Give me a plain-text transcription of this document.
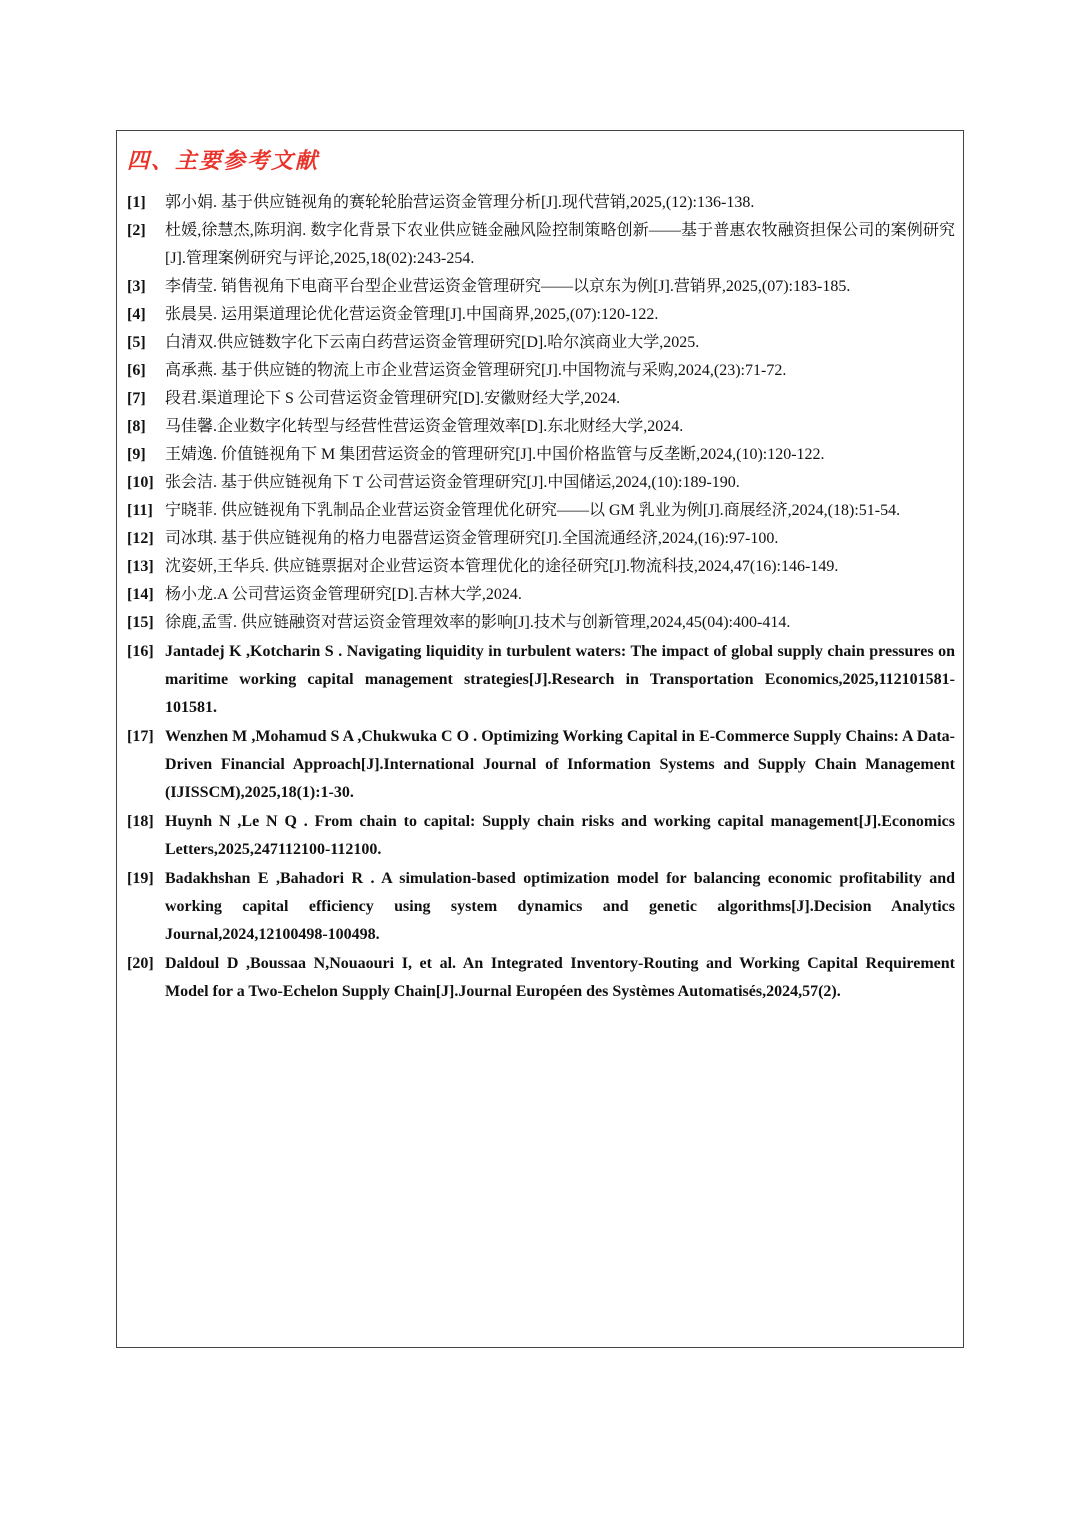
四、主要参考文献
[1]	郭小娟. 基于供应链视角的赛轮轮胎营运资金管理分析[J].现代营销,2025,(12):136-138.
[2]	杜媛,徐慧杰,陈玥润. 数字化背景下农业供应链金融风险控制策略创新——基于普惠农牧融资担保公司的案例研究[J].管理案例研究与评论,2025,18(02):243-254.
[3]	李倩莹. 销售视角下电商平台型企业营运资金管理研究——以京东为例[J].营销界,2025,(07):183-185.
[4]	张晨昊. 运用渠道理论优化营运资金管理[J].中国商界,2025,(07):120-122.
[5]	白清双.供应链数字化下云南白药营运资金管理研究[D].哈尔滨商业大学,2025.
[6]	高承燕. 基于供应链的物流上市企业营运资金管理研究[J].中国物流与采购,2024,(23):71-72.
[7]	段君.渠道理论下 S 公司营运资金管理研究[D].安徽财经大学,2024.
[8]	马佳馨.企业数字化转型与经营性营运资金管理效率[D].东北财经大学,2024.
[9]	王婧逸. 价值链视角下 M 集团营运资金的管理研究[J].中国价格监管与反垄断,2024,(10):120-122.
[10] 张会洁. 基于供应链视角下 T 公司营运资金管理研究[J].中国储运,2024,(10):189-190.
[11] 宁晓菲. 供应链视角下乳制品企业营运资金管理优化研究——以 GM 乳业为例[J].商展经济,2024,(18):51-54.
[12] 司冰琪. 基于供应链视角的格力电器营运资金管理研究[J].全国流通经济,2024,(16):97-100.
[13] 沈姿妍,王华兵. 供应链票据对企业营运资本管理优化的途径研究[J].物流科技,2024,47(16):146-149.
[14] 杨小龙.A 公司营运资金管理研究[D].吉林大学,2024.
[15] 徐鹿,孟雪. 供应链融资对营运资金管理效率的影响[J].技术与创新管理,2024,45(04):400-414.
[16] Jantadej K ,Kotcharin S . Navigating liquidity in turbulent waters: The impact of global supply chain pressures on maritime working capital management strategies[J].Research in Transportation Economics,2025,112101581-101581.
[17] Wenzhen M ,Mohamud S A ,Chukwuka C O . Optimizing Working Capital in E-Commerce Supply Chains: A Data-Driven Financial Approach[J].International Journal of Information Systems and Supply Chain Management (IJISSCM),2025,18(1):1-30.
[18] Huynh N ,Le N Q . From chain to capital: Supply chain risks and working capital management[J].Economics Letters,2025,247112100-112100.
[19] Badakhshan E ,Bahadori R . A simulation-based optimization model for balancing economic profitability and working capital efficiency using system dynamics and genetic algorithms[J].Decision Analytics Journal,2024,12100498-100498.
[20] Daldoul D ,Boussaa N,Nouaouri I, et al. An Integrated Inventory-Routing and Working Capital Requirement Model for a Two-Echelon Supply Chain[J].Journal Européen des Systèmes Automatisés,2024,57(2).
